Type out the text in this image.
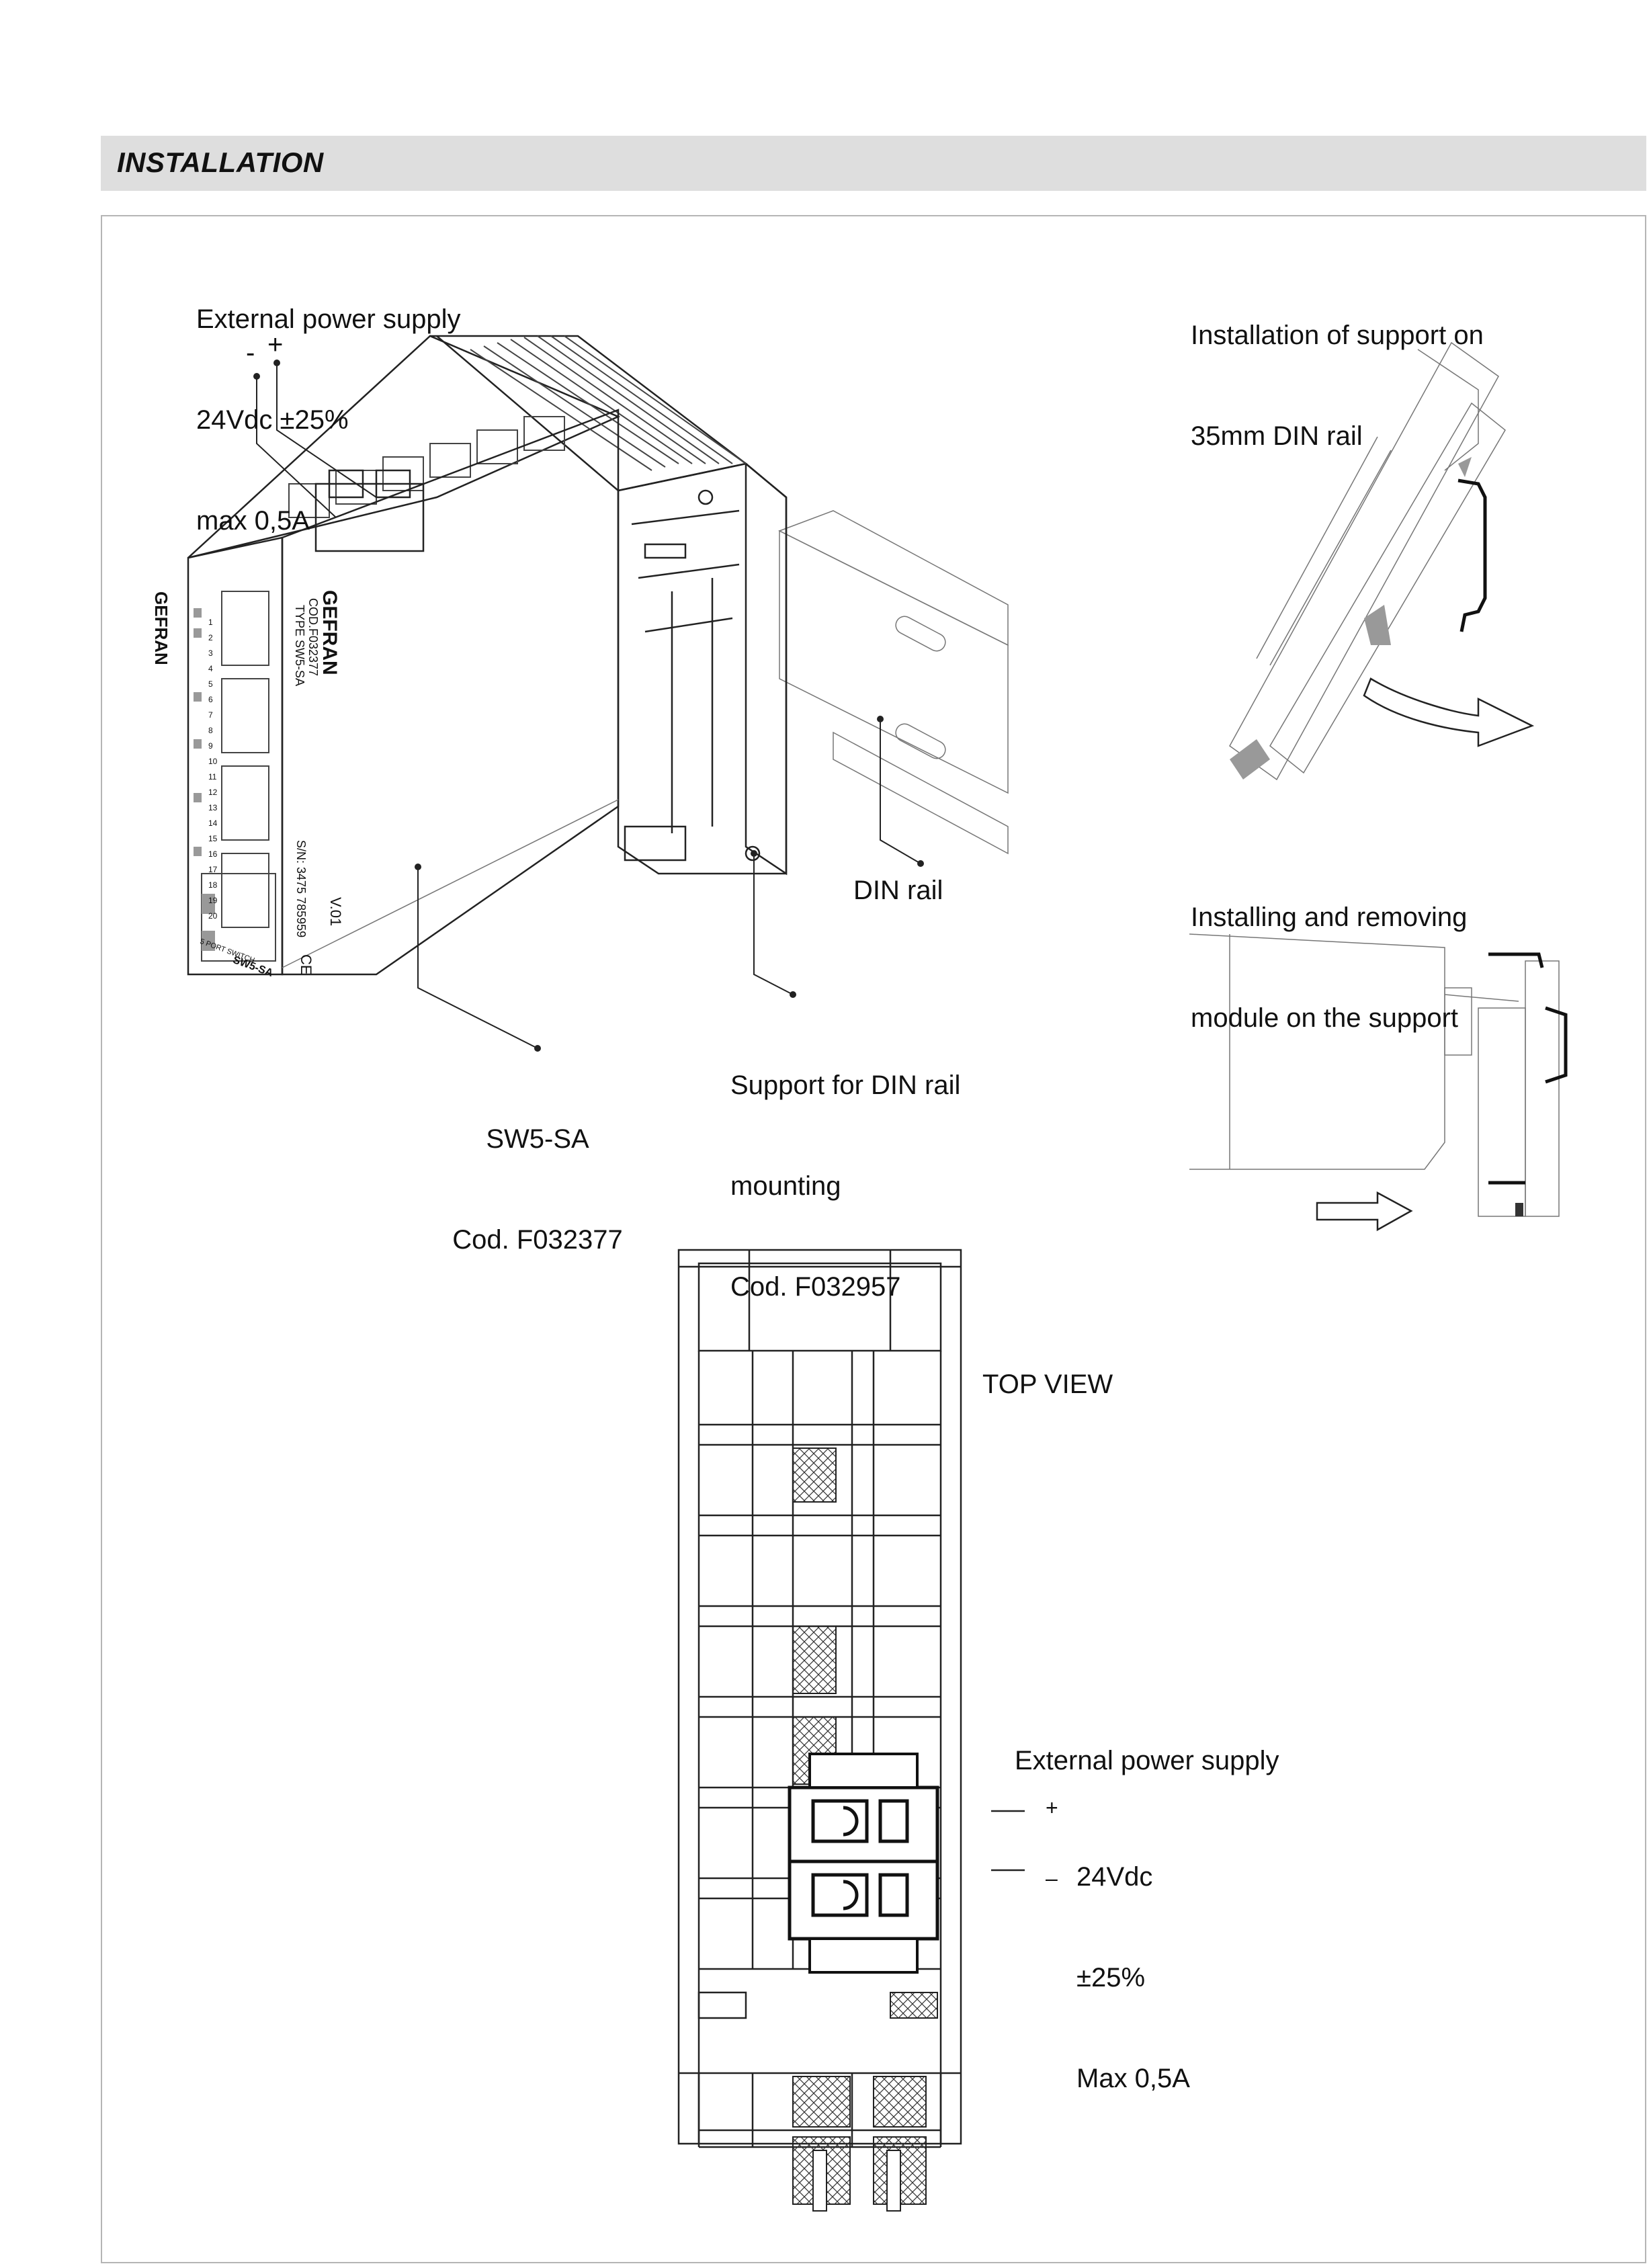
INSTALLATION

External power supply

24Vdc ±25%

max 0,5A

- +

SW5-SA

Cod. F032377

Support for DIN rail

mounting

Cod. F032957

DIN rail

Installation of support on

35mm DIN rail

Installing and removing

module on the support

TOP VIEW
External power supply
+
–

24Vdc

±25%

Max 0,5A

GEFRAN	GEFRAN
COD.F032377
TYPE SW5-SA
S/N: 3475 785959 V.01
CE
5 PORT SWITCH
SW5-SA
1
2
3
4
5
6
7
8
9
10
11
12
13
14
15
16
17
18
19
20
